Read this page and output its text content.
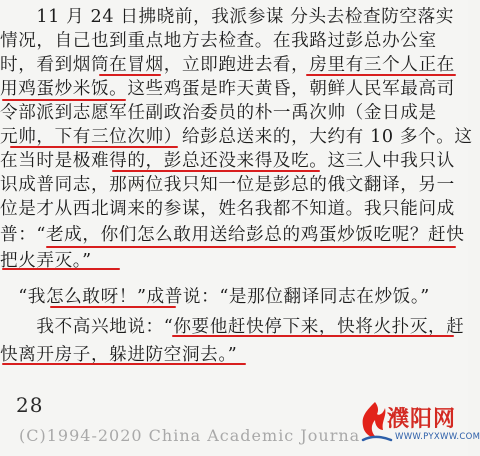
　　11 月 24 日拂晓前，我派参谋 分头去检查防空落实
情况，自己也到重点地方去检查。在我路过彭总办公室
时，看到烟筒在冒烟，立即跑进去看，房里有三个人正在
用鸡蛋炒米饭。这些鸡蛋是昨天黄昏，朝鲜人民军最高司
令部派到志愿军任副政治委员的朴一禹次帅（金日成是
元帅，下有三位次帅）给彭总送来的，大约有 10 多个。这
在当时是极难得的，彭总还没来得及吃。这三人中我只认
识成普同志，那两位我只知一位是彭总的俄文翻译，另一
位是才从西北调来的参谋，姓名我都不知道。我只能问成
普：“老成，你们怎么敢用送给彭总的鸡蛋炒饭吃呢？赶快
把火弄灭。”
　“我怎么敢呀！”成普说：“是那位翻译同志在炒饭。”
　　我不高兴地说：“你要他赶快停下来，快将火扑灭，赶
快离开房子，躲进防空洞去。”
28
(C)1994-2020 China Academic Journa
濮阳网
WWW.PYXWW.COM
